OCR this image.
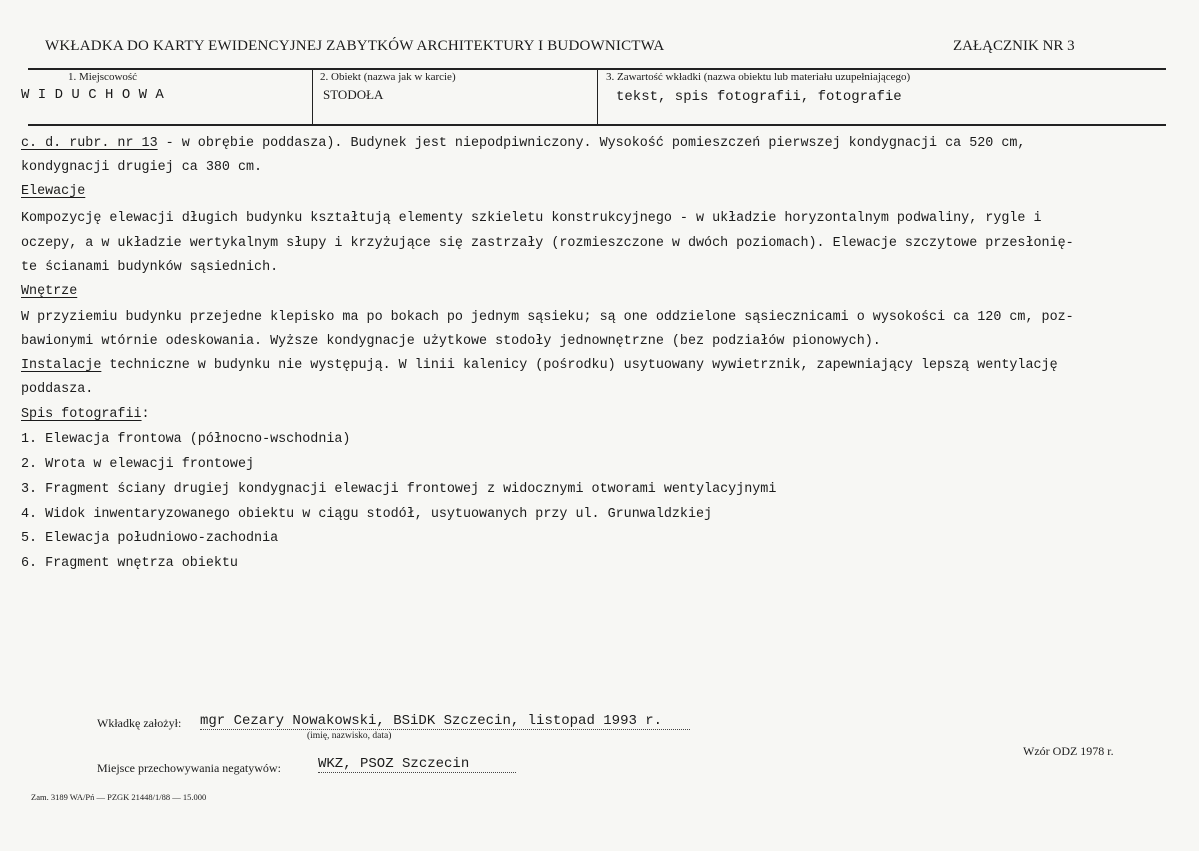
WKŁADKA DO KARTY EWIDENCYJNEJ ZABYTKÓW ARCHITEKTURY I BUDOWNICTWA	ZAŁĄCZNIK NR 3
1. Miejscowość
W I D U C H O W A
2. Obiekt (nazwa jak w karcie)
STODOŁA
3. Zawartość wkładki (nazwa obiektu lub materiału uzupełniającego)
tekst, spis fotografii, fotografie
c. d. rubr. nr 13 - w obrębie poddasza). Budynek jest niepodpiwniczony. Wysokość pomieszczeń pierwszej kondygnacji ca 520 cm,
kondygnacji drugiej ca 380 cm.
Elewacje
Kompozycję elewacji długich budynku kształtują elementy szkieletu konstrukcyjnego - w układzie horyzontalnym podwaliny, rygle i
oczepy, a w układzie wertykalnym słupy i krzyżujące się zastrzały (rozmieszczone w dwóch poziomach). Elewacje szczytowe przesłonię-
te ścianami budynków sąsiednich.
Wnętrze
W przyziemiu budynku przejedne klepisko ma po bokach po jednym sąsieku; są one oddzielone sąsiecznicami o wysokości ca 120 cm, poz-
bawionymi wtórnie odeskowania. Wyższe kondygnacje użytkowe stodoły jednownętrzne (bez podziałów pionowych).
Instalacje techniczne w budynku nie występują. W linii kalenicy (pośrodku) usytuowany wywietrznik, zapewniający lepszą wentylację
poddasza.
Spis fotografii:
1. Elewacja frontowa (północno-wschodnia)
2. Wrota w elewacji frontowej
3. Fragment ściany drugiej kondygnacji elewacji frontowej z widocznymi otworami wentylacyjnymi
4. Widok inwentaryzowanego obiektu w ciągu stodół, usytuowanych przy ul. Grunwaldzkiej
5. Elewacja południowo-zachodnia
6. Fragment wnętrza obiektu
Wkładkę założył: mgr Cezary Nowakowski, BSiDK Szczecin, listopad 1993 r.
(imię, nazwisko, data)
Wzór ODZ 1978 r.
Miejsce przechowywania negatywów:	WKZ, PSOZ Szczecin
Zam. 3189 WA/Pń — PZGK 21448/1/88 — 15.000
